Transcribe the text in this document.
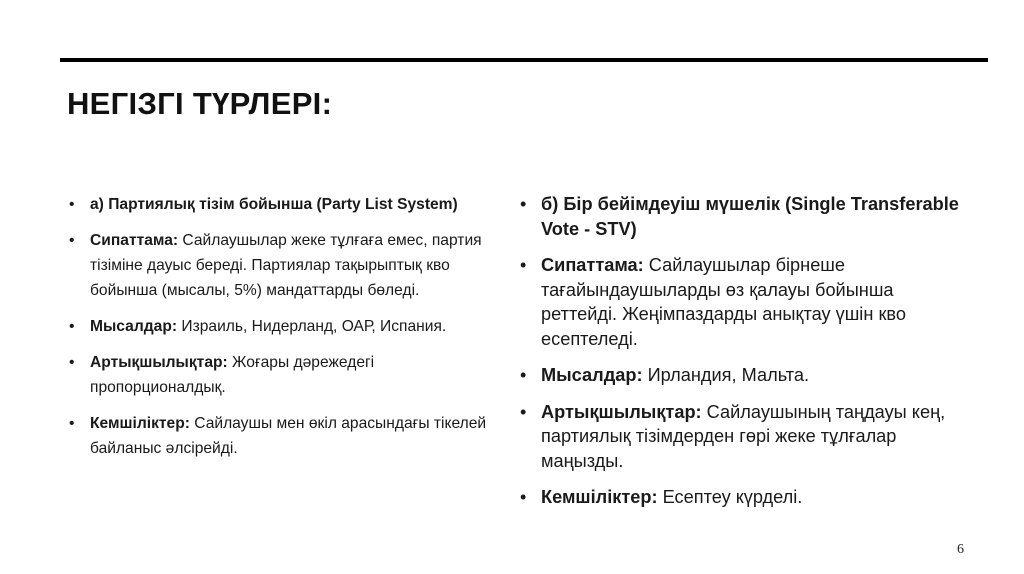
НЕГІЗГІ ТҮРЛЕРІ:
• а) Партиялық тізім бойынша (Party List System)
• Сипаттама: Сайлаушылар жеке тұлғаға емес, партия тізіміне дауыс береді. Партиялар тақырыптық кво бойынша (мысалы, 5%) мандаттарды бөледі.
• Мысалдар: Израиль, Нидерланд, ОАР, Испания.
• Артықшылықтар: Жоғары дәрежедегі пропорционалдық.
• Кемшіліктер: Сайлаушы мен өкіл арасындағы тікелей байланыс әлсірейді.
• б) Бір бейімдеуіш мүшелік (Single Transferable Vote - STV)
• Сипаттама: Сайлаушылар бірнеше тағайындаушыларды өз қалауы бойынша реттейді. Жеңімпаздарды анықтау үшін кво есептеледі.
• Мысалдар: Ирландия, Мальта.
• Артықшылықтар: Сайлаушының таңдауы кең, партиялық тізімдерден гөрі жеке тұлғалар маңызды.
• Кемшіліктер: Есептеу күрделі.
6
